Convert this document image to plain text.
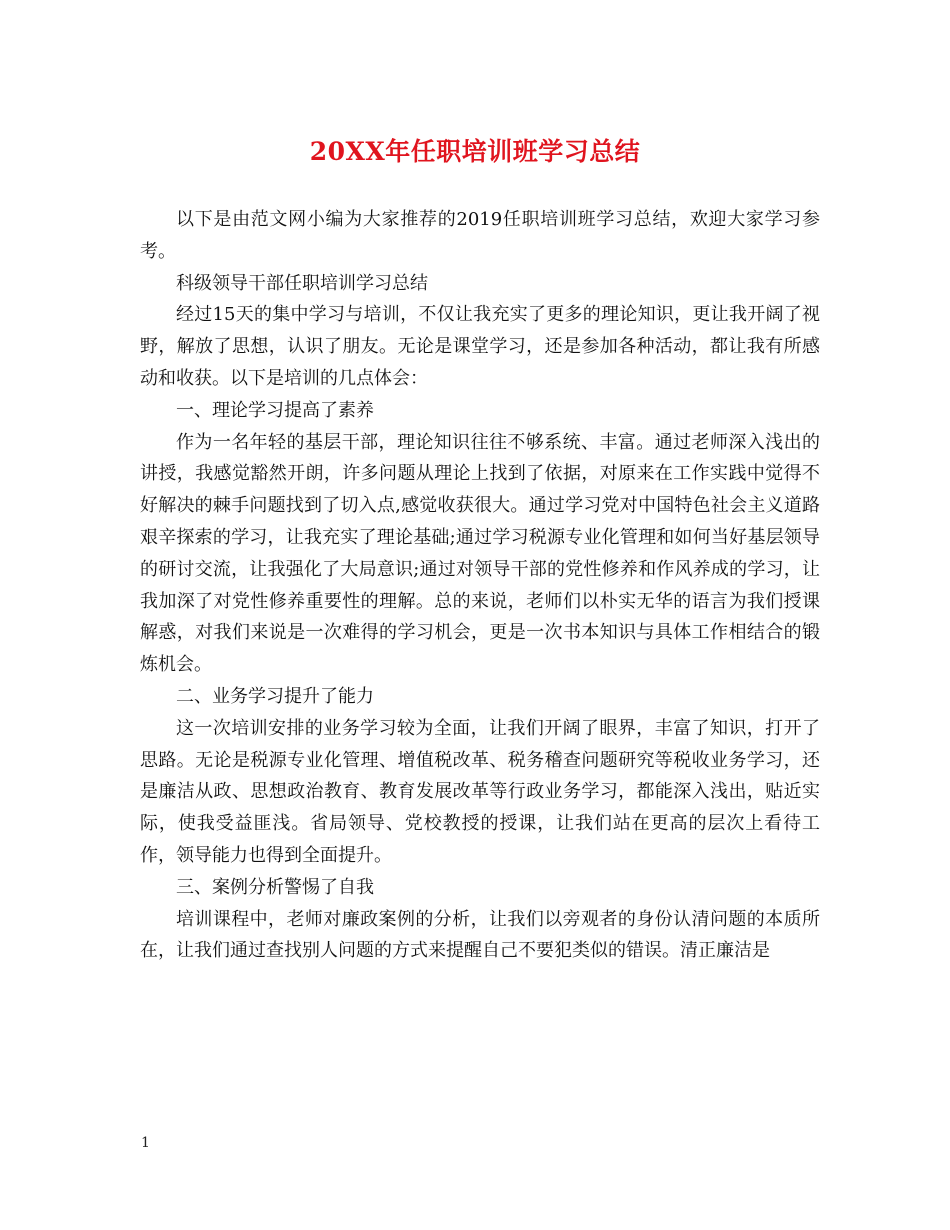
20XX年任职培训班学习总结

以下是由范文网小编为大家推荐的2019任职培训班学习总结，欢迎大家学习参考。

科级领导干部任职培训学习总结

经过15天的集中学习与培训，不仅让我充实了更多的理论知识，更让我开阔了视野，解放了思想，认识了朋友。无论是课堂学习，还是参加各种活动，都让我有所感动和收获。以下是培训的几点体会：

一、理论学习提高了素养

作为一名年轻的基层干部，理论知识往往不够系统、丰富。通过老师深入浅出的讲授，我感觉豁然开朗，许多问题从理论上找到了依据，对原来在工作实践中觉得不好解决的棘手问题找到了切入点,感觉收获很大。通过学习党对中国特色社会主义道路艰辛探索的学习，让我充实了理论基础;通过学习税源专业化管理和如何当好基层领导的研讨交流，让我强化了大局意识;通过对领导干部的党性修养和作风养成的学习，让我加深了对党性修养重要性的理解。总的来说，老师们以朴实无华的语言为我们授课解惑，对我们来说是一次难得的学习机会，更是一次书本知识与具体工作相结合的锻炼机会。

二、业务学习提升了能力

这一次培训安排的业务学习较为全面，让我们开阔了眼界，丰富了知识，打开了思路。无论是税源专业化管理、增值税改革、税务稽查问题研究等税收业务学习，还是廉洁从政、思想政治教育、教育发展改革等行政业务学习，都能深入浅出，贴近实际，使我受益匪浅。省局领导、党校教授的授课，让我们站在更高的层次上看待工作，领导能力也得到全面提升。

三、案例分析警惕了自我

培训课程中，老师对廉政案例的分析，让我们以旁观者的身份认清问题的本质所在，让我们通过查找别人问题的方式来提醒自己不要犯类似的错误。清正廉洁是

1
